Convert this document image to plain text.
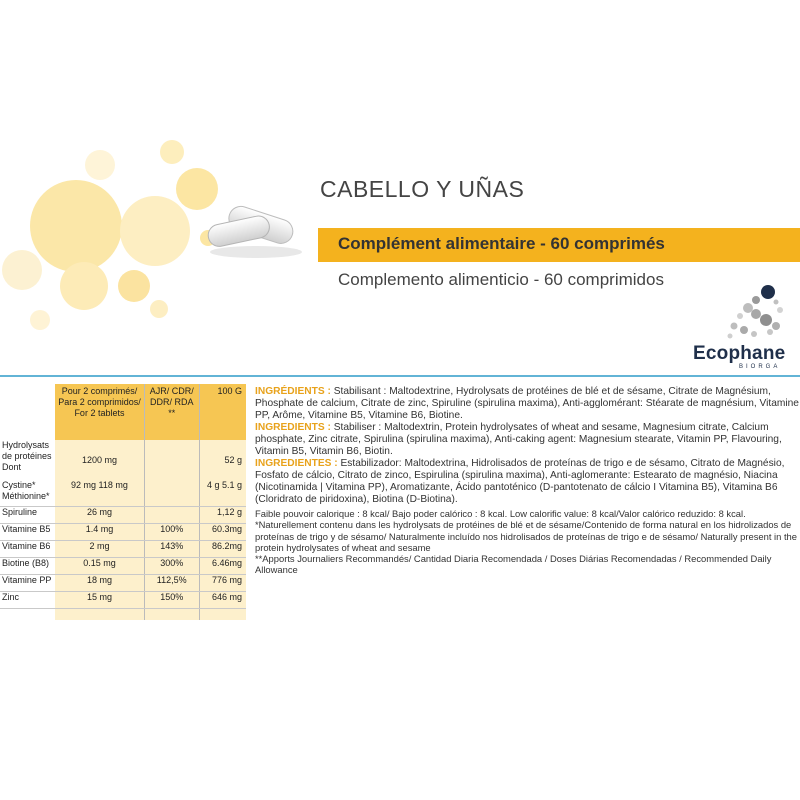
CABELLO Y UÑAS
Complément alimentaire - 60 comprimés
Complemento alimenticio - 60 comprimidos
Ecophane
BIORGA
	Pour 2 comprimés/ Para 2 comprimidos/ For 2 tablets	AJR/ CDR/ DDR/ RDA **	100 G
Hydrolysats de protéines Dont	1200 mg		52 g
Cystine* Méthionine*	92 mg 118 mg		4 g 5.1 g
Spiruline	26 mg		1,12 g
Vitamine B5	1.4 mg	100%	60.3mg
Vitamine B6	2 mg	143%	86.2mg
Biotine (B8)	0.15 mg	300%	6.46mg
Vitamine PP	18 mg	112,5%	776 mg
Zinc	15 mg	150%	646 mg

INGRÉDIENTS : Stabilisant : Maltodextrine, Hydrolysats de protéines de blé et de sésame, Citrate de Magnésium, Phosphate de calcium, Citrate de zinc, Spiruline (spirulina maxima), Anti-agglomérant: Stéarate de magnésium, Vitamine PP, Arôme, Vitamine B5, Vitamine B6, Biotine.

INGREDIENTS : Stabiliser : Maltodextrin, Protein hydrolysates of wheat and sesame, Magnesium citrate, Calcium phosphate, Zinc citrate, Spirulina (spirulina maxima), Anti-caking agent: Magnesium stearate, Vitamin PP, Flavouring, Vitamin B5, Vitamin B6, Biotin.

INGREDIENTES : Estabilizador: Maltodextrina, Hidrolisados de proteínas de trigo e de sésamo, Citrato de Magnésio, Fosfato de cálcio, Citrato de zinco, Espirulina (spirulina maxima), Anti-aglomerante: Estearato de magnésio, Niacina (Nicotinamida | Vitamina PP), Aromatizante, Ácido pantoténico (D-pantotenato de cálcio I Vitamina B5), Vitamina B6 (Cloridrato de piridoxina), Biotina (D-Biotina).

Faible pouvoir calorique : 8 kcal/ Bajo poder calórico : 8 kcal. Low calorific value: 8 kcal/Valor calórico reduzido: 8 kcal.

*Naturellement contenu dans les hydrolysats de protéines de blé et de sésame/Contenido de forma natural en los hidrolizados de proteínas de trigo y de sésamo/ Naturalmente incluído nos hidrolisados de proteínas de trigo e de sésamo/ Naturally present in the protein hydrolysates of wheat and sesame

**Apports Journaliers Recommandés/ Cantidad Diaria Recomendada / Doses Diárias Recomendadas / Recommended Daily Allowance
